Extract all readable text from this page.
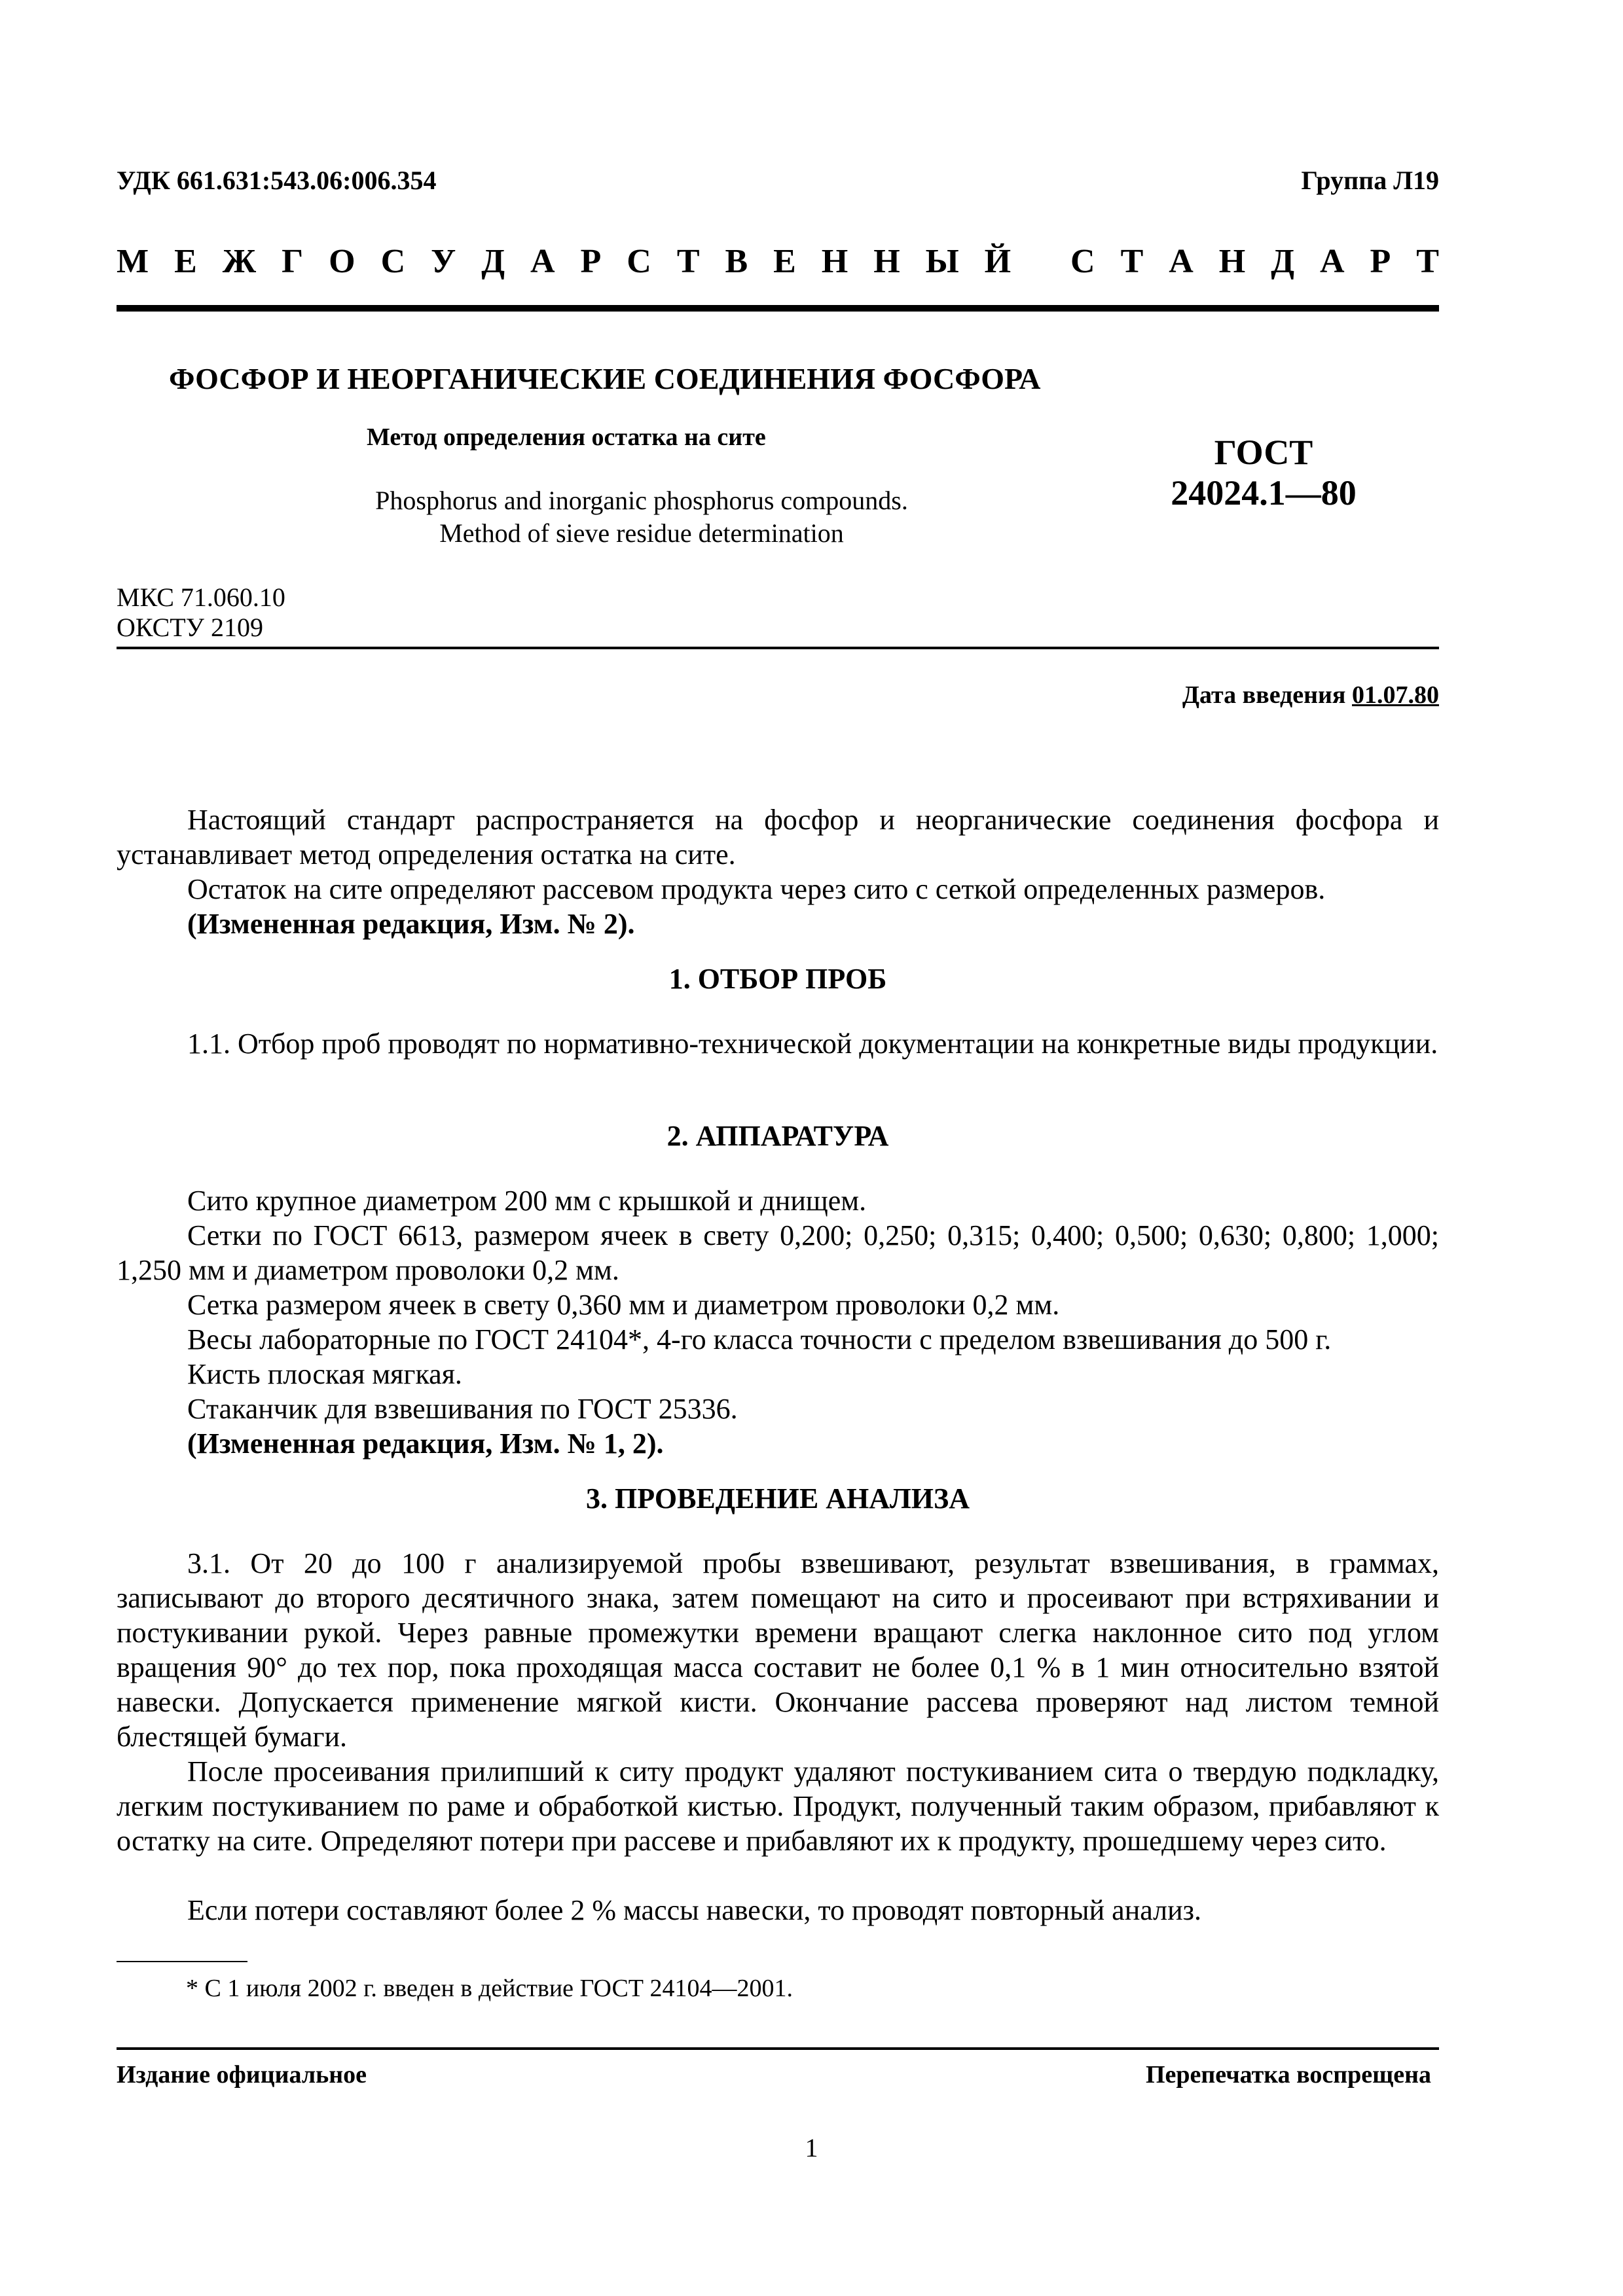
УДК 661.631:543.06:006.354	Группа Л19
М Е Ж Г О С У Д А Р С Т В Е Н Н Ы Й
С Т А Н Д А Р Т
ФОСФОР И НЕОРГАНИЧЕСКИЕ СОЕДИНЕНИЯ ФОСФОРА
Метод определения остатка на сите
Phosphorus and inorganic phosphorus compounds.
Method of sieve residue determination
ГОСТ
24024.1—80
МКС 71.060.10
ОКСТУ 2109
Дата введения 01.07.80
Настоящий стандарт распространяется на фосфор и неорганические соединения фосфора и устанавливает метод определения остатка на сите.
Остаток на сите определяют рассевом продукта через сито с сеткой определенных размеров.
(Измененная редакция, Изм. № 2).
1. ОТБОР ПРОБ
1.1. Отбор проб проводят по нормативно-технической документации на конкретные виды продукции.
2. АППАРАТУРА
Сито крупное диаметром 200 мм с крышкой и днищем.
Сетки по ГОСТ 6613, размером ячеек в свету 0,200; 0,250; 0,315; 0,400; 0,500; 0,630; 0,800; 1,000; 1,250 мм и диаметром проволоки 0,2 мм.
Сетка размером ячеек в свету 0,360 мм и диаметром проволоки 0,2 мм.
Весы лабораторные по ГОСТ 24104*, 4-го класса точности с пределом взвешивания до 500 г.
Кисть плоская мягкая.
Стаканчик для взвешивания по ГОСТ 25336.
(Измененная редакция, Изм. № 1, 2).
3. ПРОВЕДЕНИЕ АНАЛИЗА
3.1. От 20 до 100 г анализируемой пробы взвешивают, результат взвешивания, в граммах, записывают до второго десятичного знака, затем помещают на сито и просеивают при встряхивании и постукивании рукой. Через равные промежутки времени вращают слегка наклонное сито под углом вращения 90° до тех пор, пока проходящая масса составит не более 0,1 % в 1 мин относительно взятой навески. Допускается применение мягкой кисти. Окончание рассева проверяют над листом темной блестящей бумаги.
После просеивания прилипший к ситу продукт удаляют постукиванием сита о твердую подкладку, легким постукиванием по раме и обработкой кистью. Продукт, полученный таким образом, прибавляют к остатку на сите. Определяют потери при рассеве и прибавляют их к продукту, прошедшему через сито.
Если потери составляют более 2 % массы навески, то проводят повторный анализ.
* С 1 июля 2002 г. введен в действие ГОСТ 24104—2001.
Издание официальное	Перепечатка воспрещена
1
